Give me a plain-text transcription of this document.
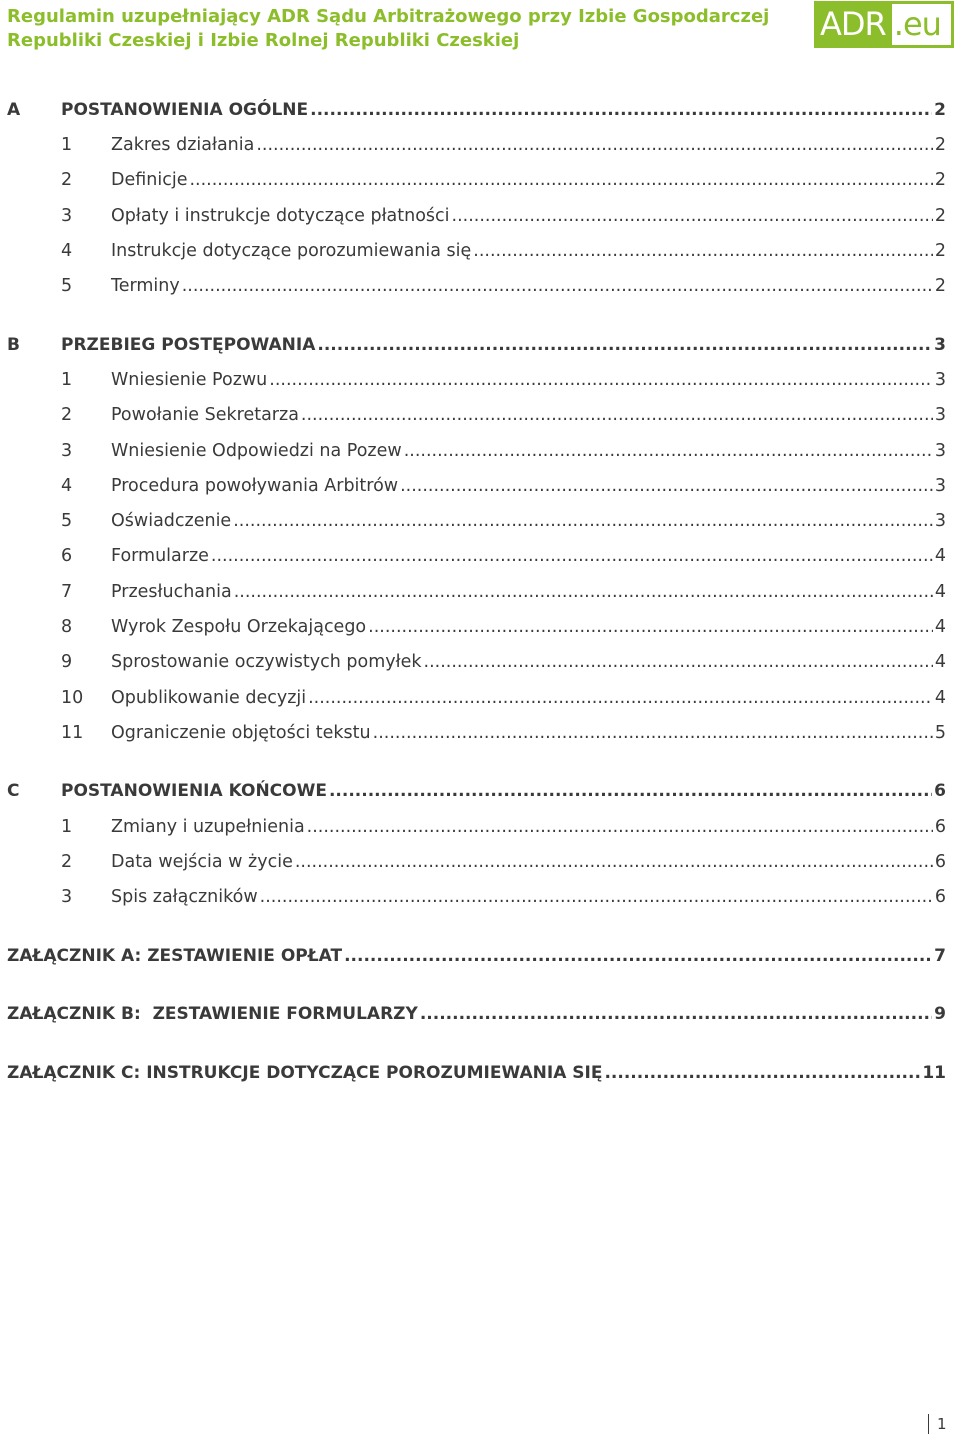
Regulamin uzupełniający ADR Sądu Arbitrażowego przy Izbie Gospodarczej
Republiki Czeskiej i Izbie Rolnej Republiki Czeskiej	ADR .eu
A	POSTANOWIENIA OGÓLNE .....	2
1	Zakres działania .....	2
2	Definicje .....	2
3	Opłaty i instrukcje dotyczące płatności .....	2
4	Instrukcje dotyczące porozumiewania się .....	2
5	Terminy .....	2
B	PRZEBIEG POSTĘPOWANIA .....	3
1	Wniesienie Pozwu .....	3
2	Powołanie Sekretarza .....	3
3	Wniesienie Odpowiedzi na Pozew .....	3
4	Procedura powoływania Arbitrów .....	3
5	Oświadczenie .....	3
6	Formularze .....	4
7	Przesłuchania .....	4
8	Wyrok Zespołu Orzekającego .....	4
9	Sprostowanie oczywistych pomyłek .....	4
10	Opublikowanie decyzji .....	4
11	Ograniczenie objętości tekstu .....	5
C	POSTANOWIENIA KOŃCOWE .....	6
1	Zmiany i uzupełnienia .....	6
2	Data wejścia w życie .....	6
3	Spis załączników .....	6
ZAŁĄCZNIK A: ZESTAWIENIE OPŁAT .....	7
ZAŁĄCZNIK B:  ZESTAWIENIE FORMULARZY .....	9
ZAŁĄCZNIK C: INSTRUKCJE DOTYCZĄCE POROZUMIEWANIA SIĘ .....	11
1
